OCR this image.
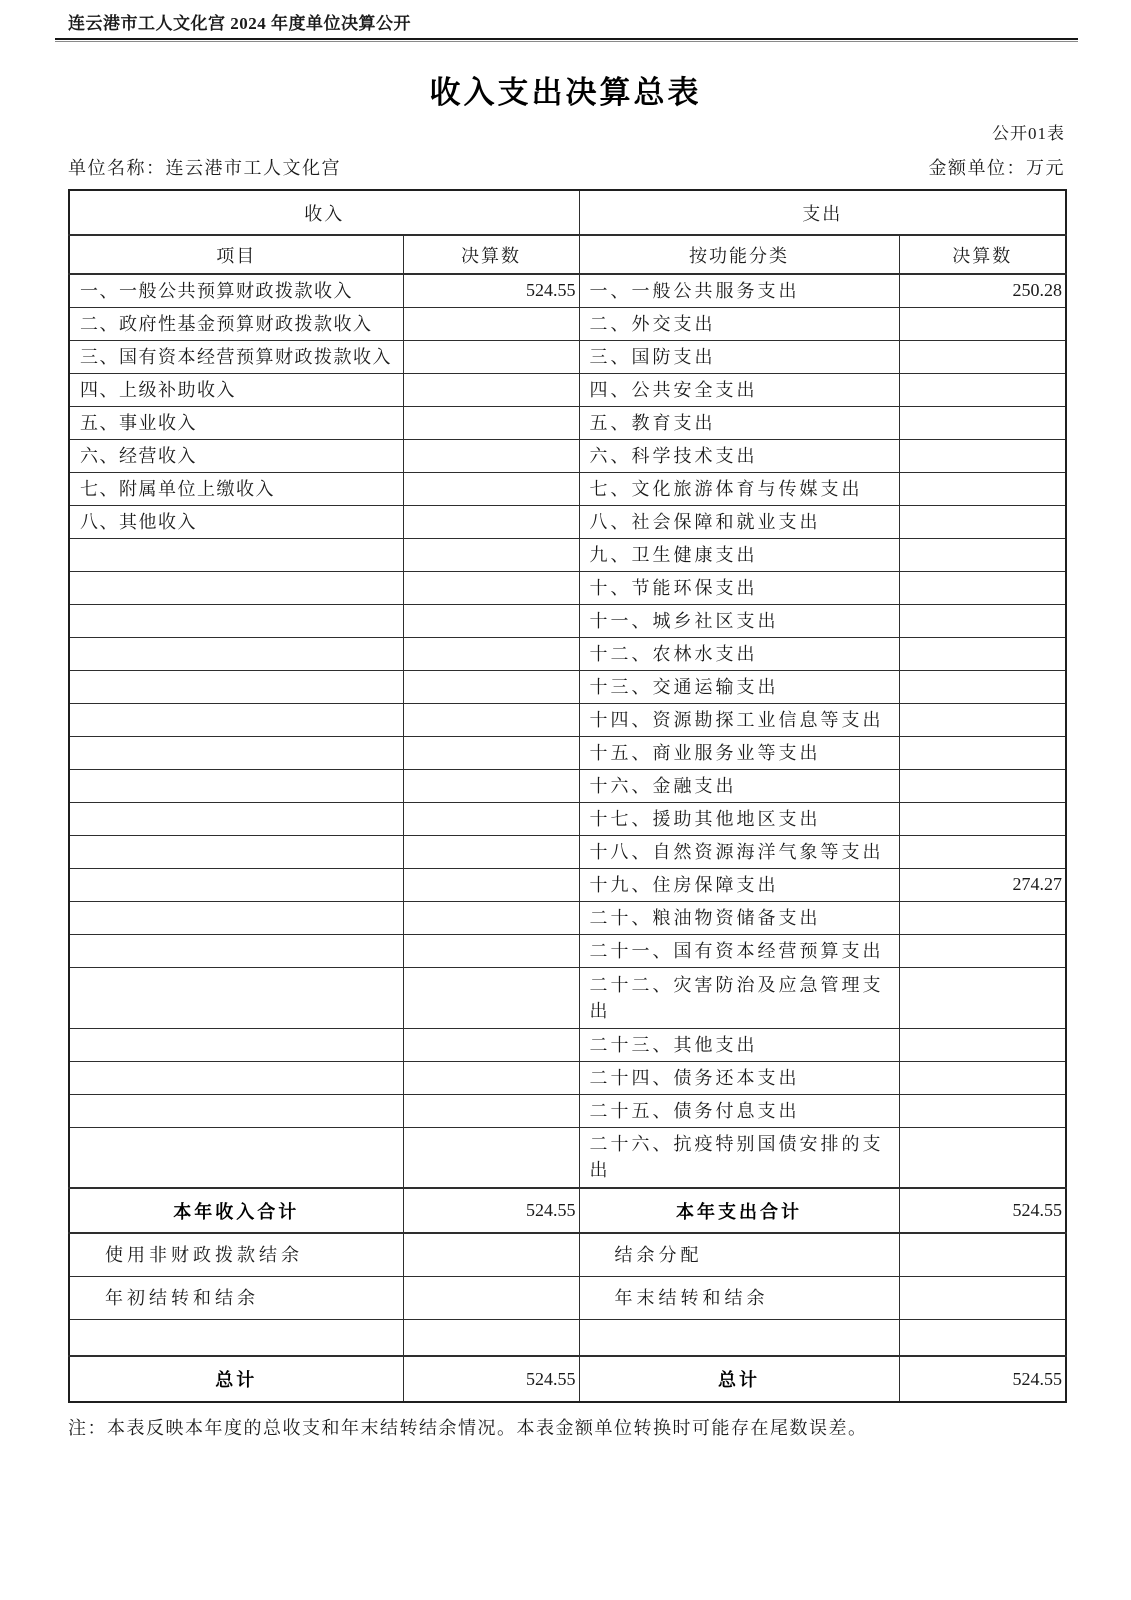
连云港市工人文化宫 2024 年度单位决算公开
收入支出决算总表
公开01表
单位名称：连云港市工人文化宫	金额单位：万元
收入		支出	
项目	决算数	按功能分类	决算数
一、一般公共预算财政拨款收入	524.55	一、一般公共服务支出	250.28
二、政府性基金预算财政拨款收入		二、外交支出	
三、国有资本经营预算财政拨款收入		三、国防支出	
四、上级补助收入		四、公共安全支出	
五、事业收入		五、教育支出	
六、经营收入		六、科学技术支出	
七、附属单位上缴收入		七、文化旅游体育与传媒支出	
八、其他收入		八、社会保障和就业支出	
		九、卫生健康支出	
		十、节能环保支出	
		十一、城乡社区支出	
		十二、农林水支出	
		十三、交通运输支出	
		十四、资源勘探工业信息等支出	
		十五、商业服务业等支出	
		十六、金融支出	
		十七、援助其他地区支出	
		十八、自然资源海洋气象等支出	
		十九、住房保障支出	274.27
		二十、粮油物资储备支出	
		二十一、国有资本经营预算支出	
		二十二、灾害防治及应急管理支出	
		二十三、其他支出	
		二十四、债务还本支出	
		二十五、债务付息支出	
		二十六、抗疫特别国债安排的支出	
本年收入合计	524.55	本年支出合计	524.55
使用非财政拨款结余		结余分配	
年初结转和结余		年末结转和结余	

总计	524.55	总计	524.55
注：本表反映本年度的总收支和年末结转结余情况。本表金额单位转换时可能存在尾数误差。
